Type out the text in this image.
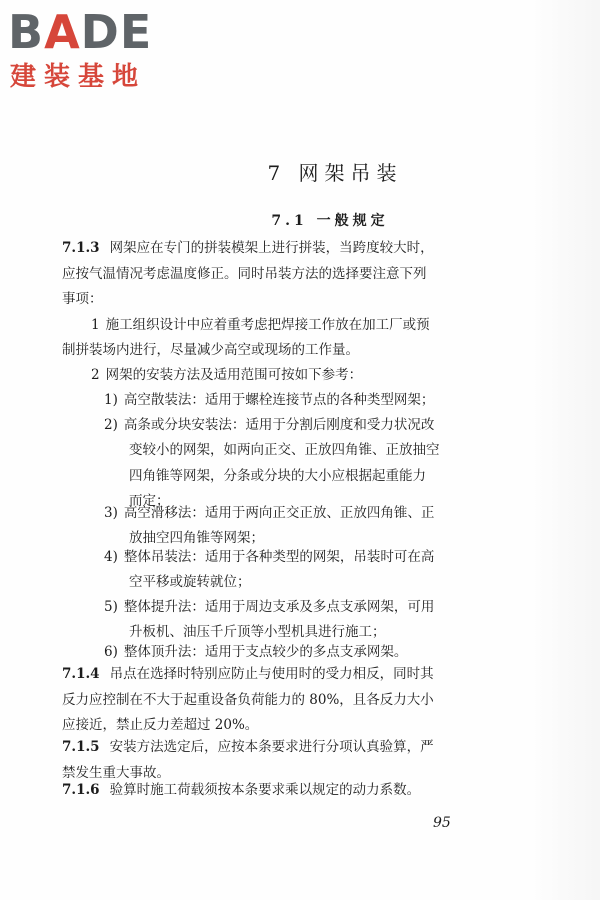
BADE
建装基地
7 网架吊装
7.1 一般规定
7.1.3 网架应在专门的拼装模架上进行拼装，当跨度较大时，
应按气温情况考虑温度修正。同时吊装方法的选择要注意下列
事项：
1 施工组织设计中应着重考虑把焊接工作放在加工厂或预
制拼装场内进行，尽量减少高空或现场的工作量。
2 网架的安装方法及适用范围可按如下参考：
1) 高空散装法：适用于螺栓连接节点的各种类型网架；
2) 高条或分块安装法：适用于分割后刚度和受力状况改
变较小的网架，如两向正交、正放四角锥、正放抽空
四角锥等网架，分条或分块的大小应根据起重能力
而定；
3) 高空滑移法：适用于两向正交正放、正放四角锥、正
放抽空四角锥等网架；
4) 整体吊装法：适用于各种类型的网架，吊装时可在高
空平移或旋转就位；
5) 整体提升法：适用于周边支承及多点支承网架，可用
升板机、油压千斤顶等小型机具进行施工；
6) 整体顶升法：适用于支点较少的多点支承网架。
7.1.4 吊点在选择时特别应防止与使用时的受力相反，同时其
反力应控制在不大于起重设备负荷能力的 80%，且各反力大小
应接近，禁止反力差超过 20%。
7.1.5 安装方法选定后，应按本条要求进行分项认真验算，严
禁发生重大事故。
7.1.6 验算时施工荷载须按本条要求乘以规定的动力系数。
95
